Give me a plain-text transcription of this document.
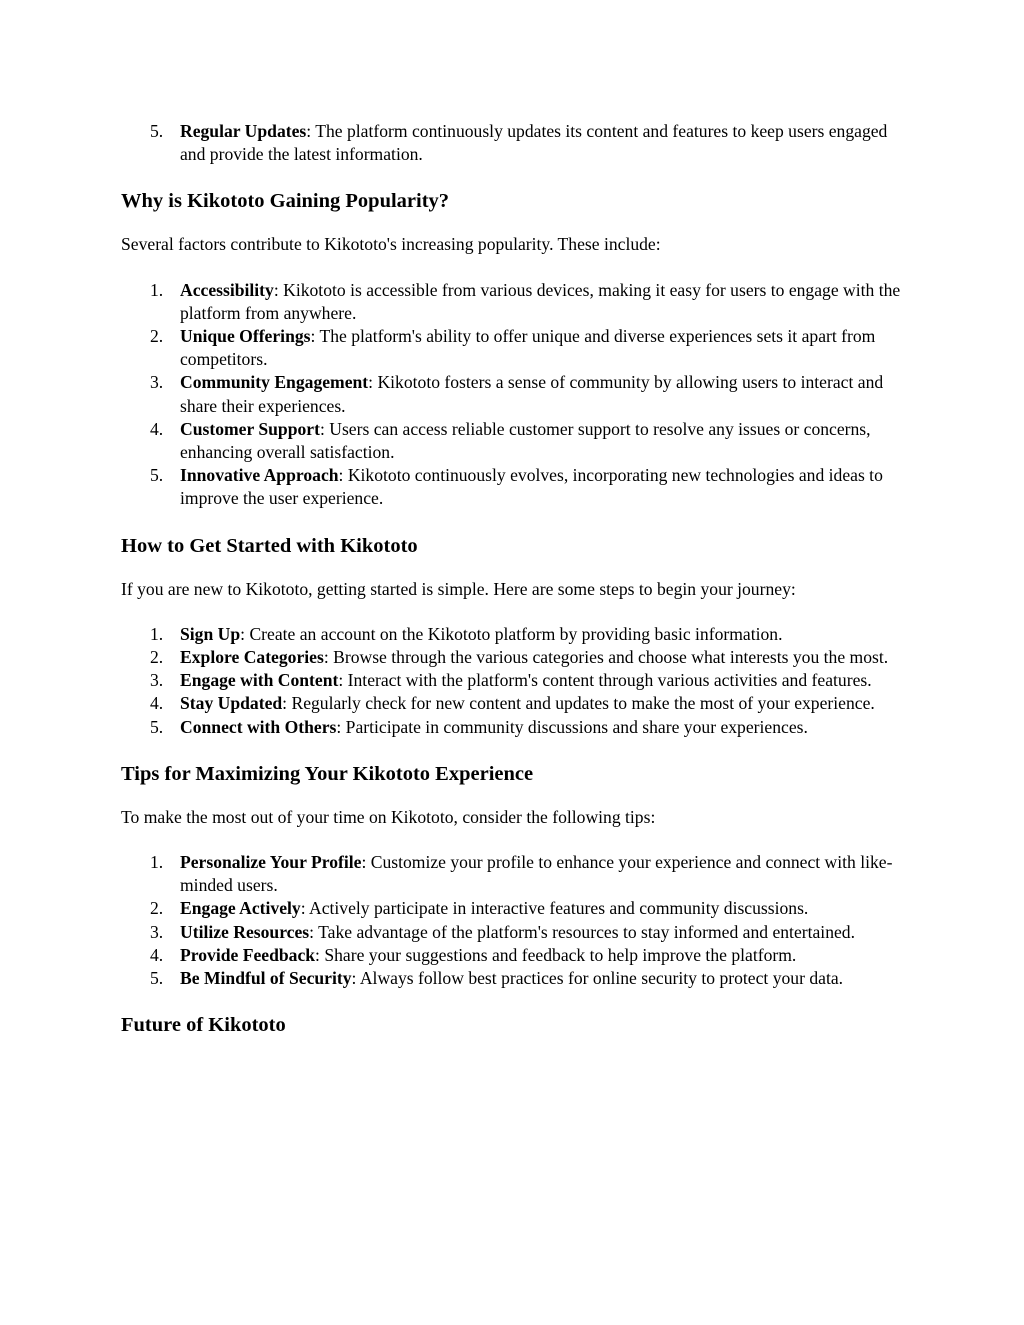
5. Regular Updates: The platform continuously updates its content and features to keep users engaged and provide the latest information.
Why is Kikototo Gaining Popularity?

Several factors contribute to Kikototo's increasing popularity. These include:

1. Accessibility: Kikototo is accessible from various devices, making it easy for users to engage with the platform from anywhere.
2. Unique Offerings: The platform's ability to offer unique and diverse experiences sets it apart from competitors.
3. Community Engagement: Kikototo fosters a sense of community by allowing users to interact and share their experiences.
4. Customer Support: Users can access reliable customer support to resolve any issues or concerns, enhancing overall satisfaction.
5. Innovative Approach: Kikototo continuously evolves, incorporating new technologies and ideas to improve the user experience.
How to Get Started with Kikototo

If you are new to Kikototo, getting started is simple. Here are some steps to begin your journey:

1. Sign Up: Create an account on the Kikototo platform by providing basic information.
2. Explore Categories: Browse through the various categories and choose what interests you the most.
3. Engage with Content: Interact with the platform's content through various activities and features.
4. Stay Updated: Regularly check for new content and updates to make the most of your experience.
5. Connect with Others: Participate in community discussions and share your experiences.
Tips for Maximizing Your Kikototo Experience

To make the most out of your time on Kikototo, consider the following tips:

1. Personalize Your Profile: Customize your profile to enhance your experience and connect with like-minded users.
2. Engage Actively: Actively participate in interactive features and community discussions.
3. Utilize Resources: Take advantage of the platform's resources to stay informed and entertained.
4. Provide Feedback: Share your suggestions and feedback to help improve the platform.
5. Be Mindful of Security: Always follow best practices for online security to protect your data.
Future of Kikototo
